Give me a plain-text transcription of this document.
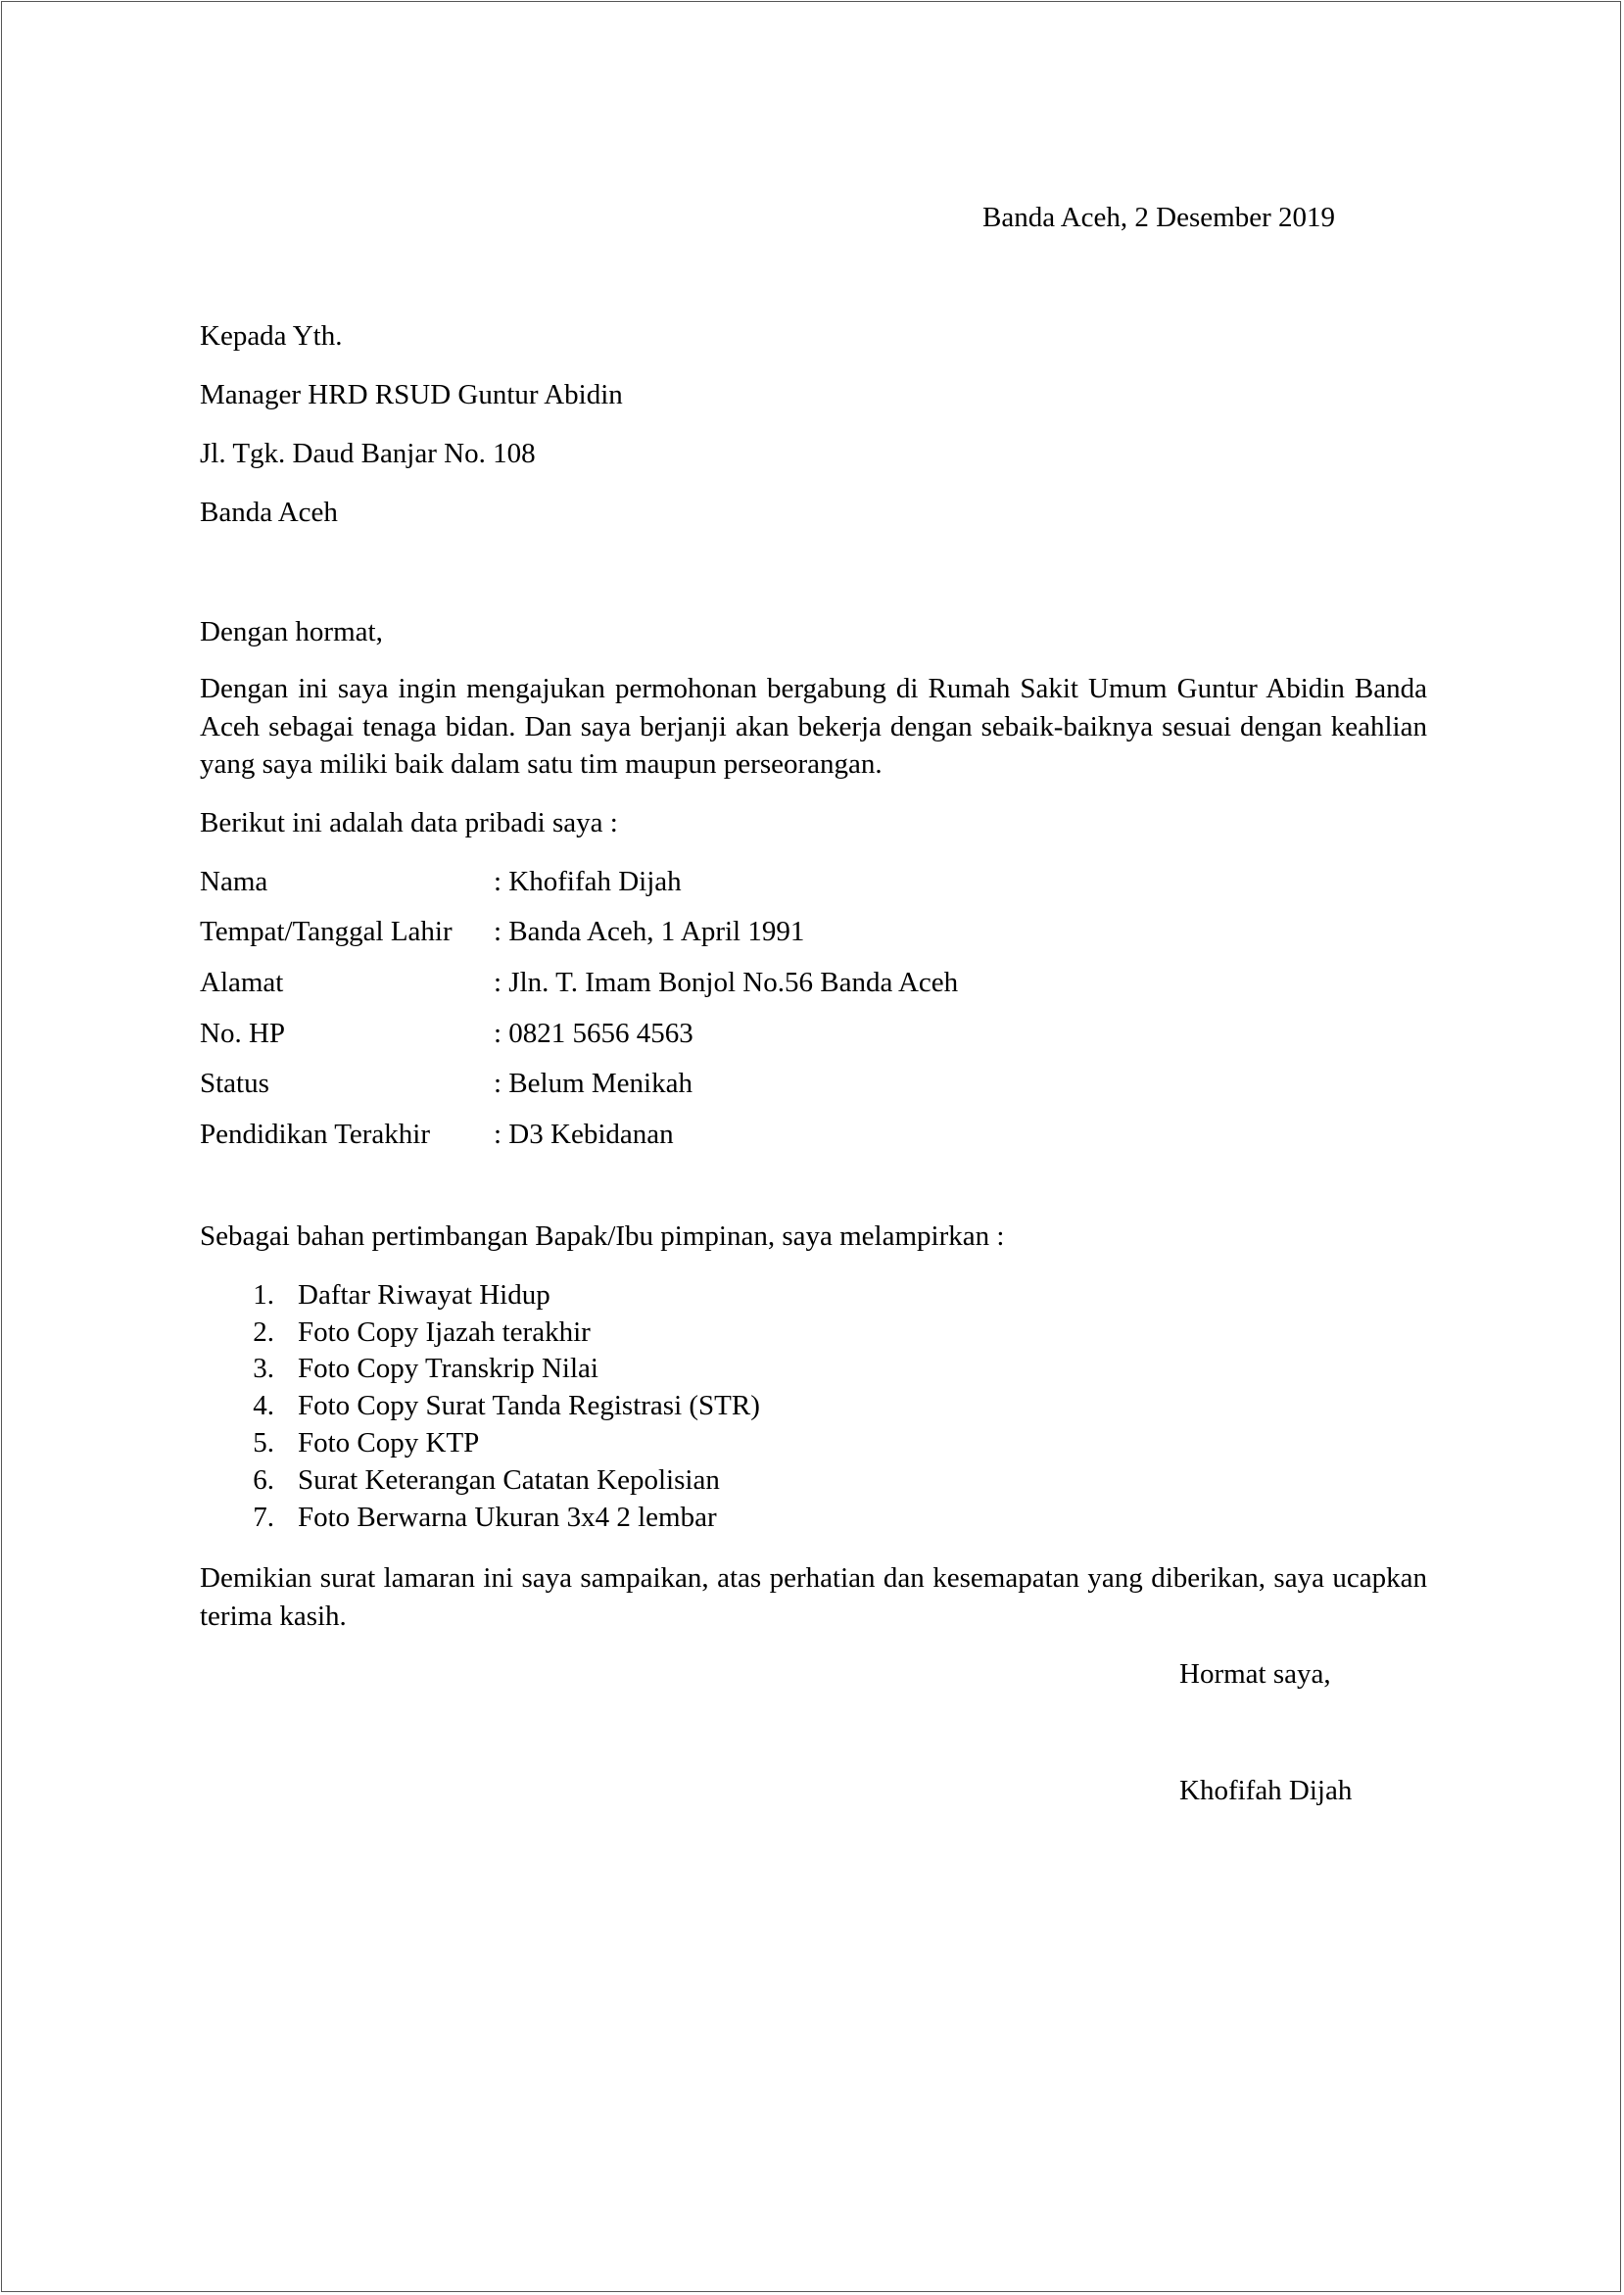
Banda Aceh, 2 Desember 2019
Kepada Yth.
Manager HRD RSUD Guntur Abidin
Jl. Tgk. Daud Banjar No. 108
Banda Aceh
Dengan hormat,
Dengan ini saya ingin mengajukan permohonan bergabung di Rumah Sakit Umum Guntur Abidin Banda Aceh sebagai tenaga bidan. Dan saya berjanji akan bekerja dengan sebaik-baiknya sesuai dengan keahlian yang saya miliki baik dalam satu tim maupun perseorangan.
Berikut ini adalah data pribadi saya :
Nama	: Khofifah Dijah
Tempat/Tanggal Lahir : Banda Aceh, 1 April 1991
Alamat	: Jln. T. Imam Bonjol No.56 Banda Aceh
No. HP	: 0821 5656 4563
Status	: Belum Menikah
Pendidikan Terakhir : D3 Kebidanan
Sebagai bahan pertimbangan Bapak/Ibu pimpinan, saya melampirkan :
1. Daftar Riwayat Hidup
2. Foto Copy Ijazah terakhir
3. Foto Copy Transkrip Nilai
4. Foto Copy Surat Tanda Registrasi (STR)
5. Foto Copy KTP
6. Surat Keterangan Catatan Kepolisian
7. Foto Berwarna Ukuran 3x4 2 lembar
Demikian surat lamaran ini saya sampaikan, atas perhatian dan kesemapatan yang diberikan, saya ucapkan terima kasih.
Hormat saya,
Khofifah Dijah
